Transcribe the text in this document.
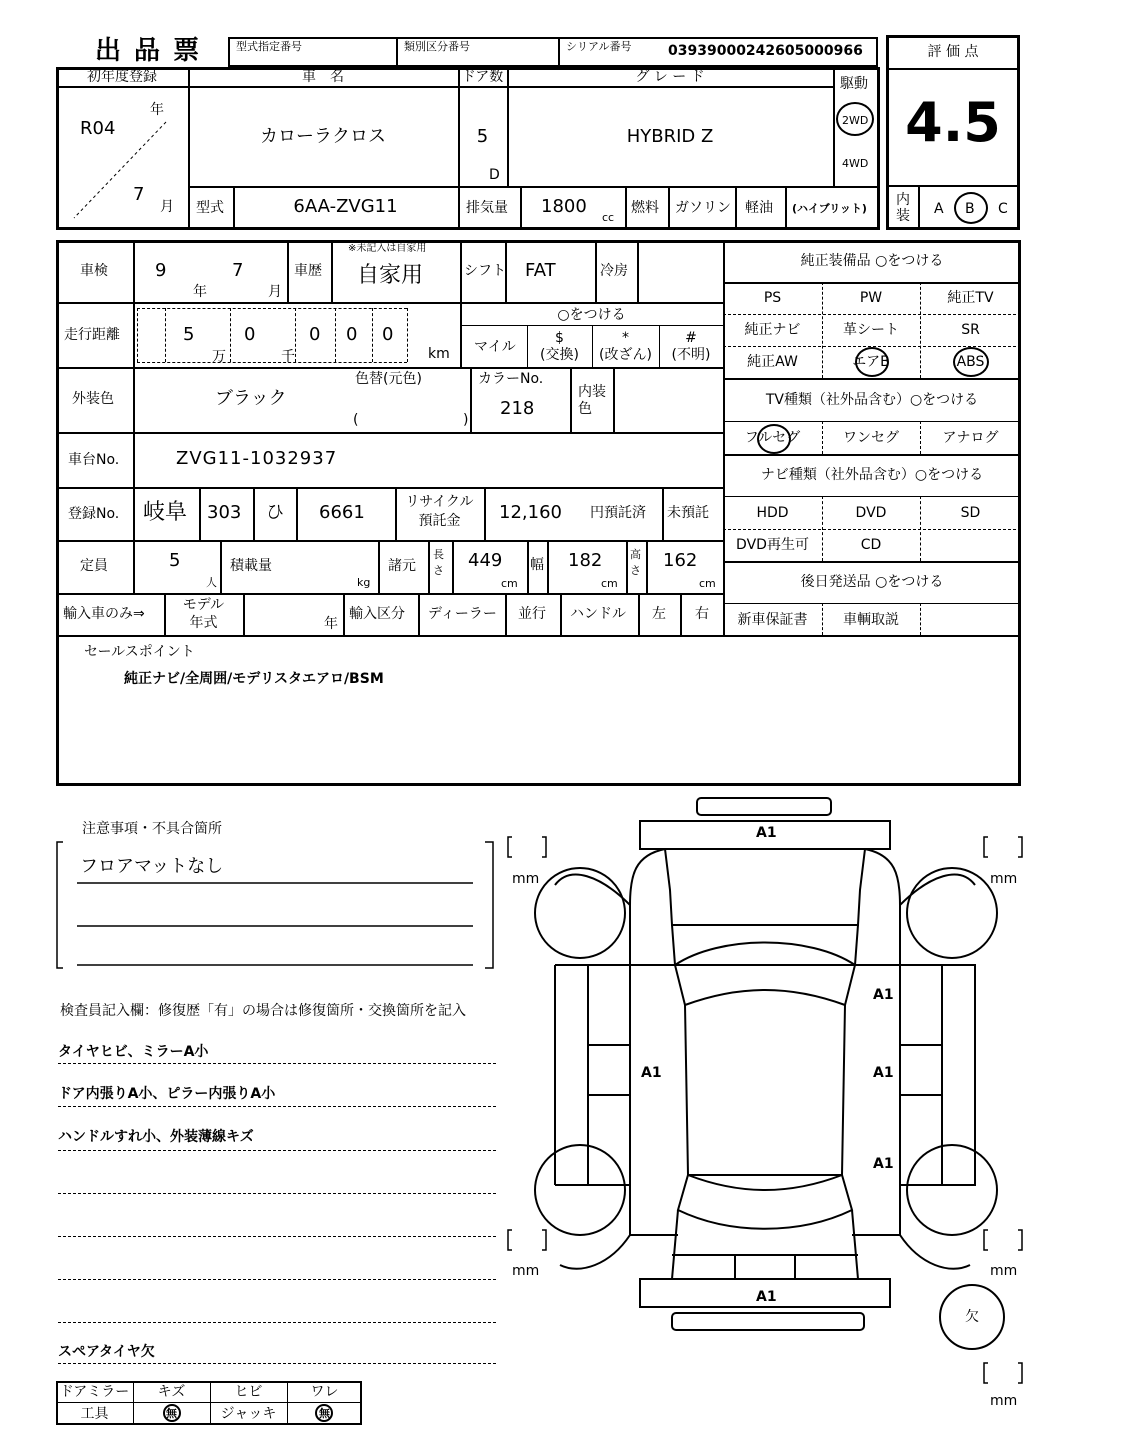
出 品 票	型式指定番号	類別区分番号	シリアル番号	03939000242605000966	評 価 点
4.5
内装 A B C
初年度登録
R04
年
7
月
車　名
カローラクロス
ドア数
5
D
グ レ ー ド
HYBRID Z
駆動
2WD
4WD
型式	6AA-ZVG11	排気量 1800
cc
燃料 ガソリン 軽油 (ハイブリット)
車検	9
年
7
月
車歴
※未記入は自家用
自家用	シフト FAT	冷房
走行距離	5	0	0 0 0
万	千	km
○をつける
マイル
$
(交換)
*
(改ざん)
#
(不明)
外装色	ブラック
色替(元色)
(	)
カラーNo.
218
内装色
車台No.	ZVG11-1032937
登録No. 岐阜 303 ひ 6661	リサイクル
預託金	12,160 円預託済 未預託
定員	5
人
積載量
kg
諸元
長さ 449
cm
幅 182
cm
高さ 162
cm
輸入車のみ⇒
モデル
年式	年
輸入区分 ディーラー 並行 ハンドル 左 右
純正装備品 ○をつける
PS	PW	純正TV
純正ナビ	革シート	SR
純正AW	エアB	ABS
TV種類（社外品含む）○をつける
フルセグ	ワンセグ	アナログ
ナビ種類（社外品含む）○をつける
HDD	DVD	SD
DVD再生可	CD
後日発送品 ○をつける
新車保証書	車輌取説
セールスポイント
純正ナビ/全周囲/モデリスタエアロ/BSM
注意事項・不具合箇所
フロアマットなし
検査員記入欄：修復歴「有」の場合は修復箇所・交換箇所を記入
タイヤヒビ、ミラーA小
ドア内張りA小、ピラー内張りA小
ハンドルすれ小、外装薄線キズ
スペアタイヤ欠
ドアミラー	キズ	ヒビ	ワレ
工具	無	ジャッキ	無
A1
A1
A1	A1
A1
A1
mm	mm
mm	mm
mm
欠
